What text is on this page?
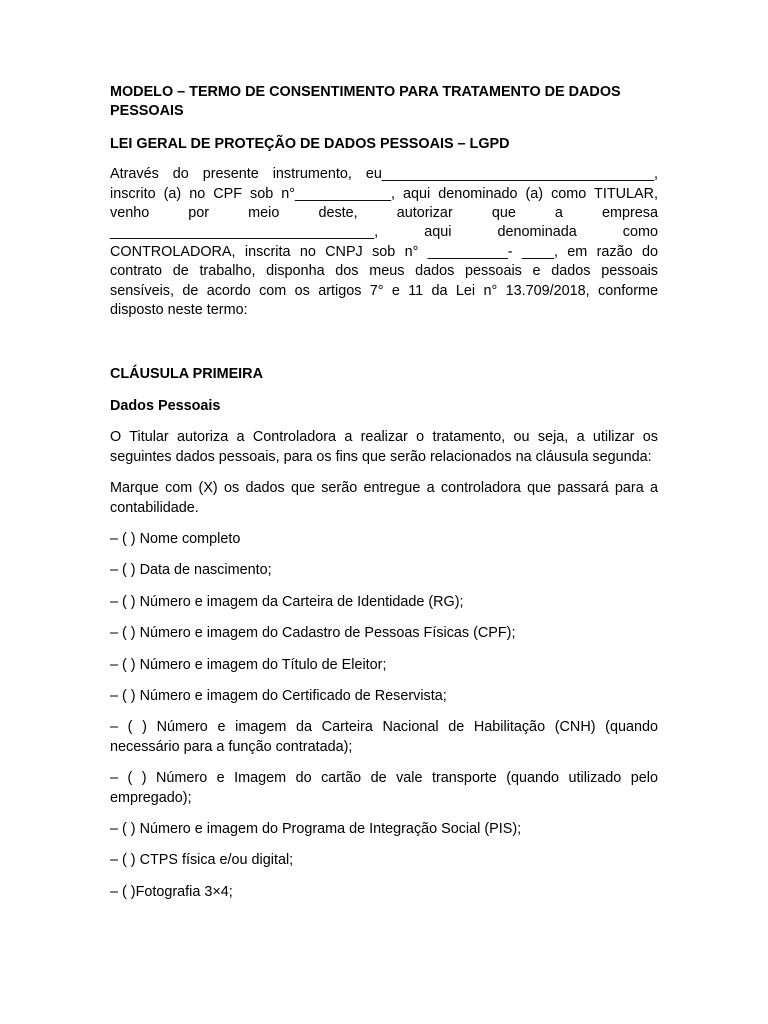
MODELO – TERMO DE CONSENTIMENTO PARA TRATAMENTO DE DADOS PESSOAIS

LEI GERAL DE PROTEÇÃO DE DADOS PESSOAIS – LGPD

Através do presente instrumento, eu__________________________________, inscrito (a) no CPF sob n°____________, aqui denominado (a) como TITULAR, venho por meio deste, autorizar que a empresa _________________________________, aqui denominada como CONTROLADORA, inscrita no CNPJ sob n° __________- ____, em razão do contrato de trabalho, disponha dos meus dados pessoais e dados pessoais sensíveis, de acordo com os artigos 7° e 11 da Lei n° 13.709/2018, conforme disposto neste termo:

CLÁUSULA PRIMEIRA

Dados Pessoais

O Titular autoriza a Controladora a realizar o tratamento, ou seja, a utilizar os seguintes dados pessoais, para os fins que serão relacionados na cláusula segunda:

Marque com (X) os dados que serão entregue a controladora que passará para a contabilidade.

– ( ) Nome completo
– ( ) Data de nascimento;
– ( ) Número e imagem da Carteira de Identidade (RG);
– ( ) Número e imagem do Cadastro de Pessoas Físicas (CPF);
– ( ) Número e imagem do Título de Eleitor;
– ( ) Número e imagem do Certificado de Reservista;
– ( ) Número e imagem da Carteira Nacional de Habilitação (CNH) (quando necessário para a função contratada);
– ( ) Número e Imagem do cartão de vale transporte (quando utilizado pelo empregado);
– ( ) Número e imagem do Programa de Integração Social (PIS);
– ( ) CTPS física e/ou digital;
– ( )Fotografia 3×4;
